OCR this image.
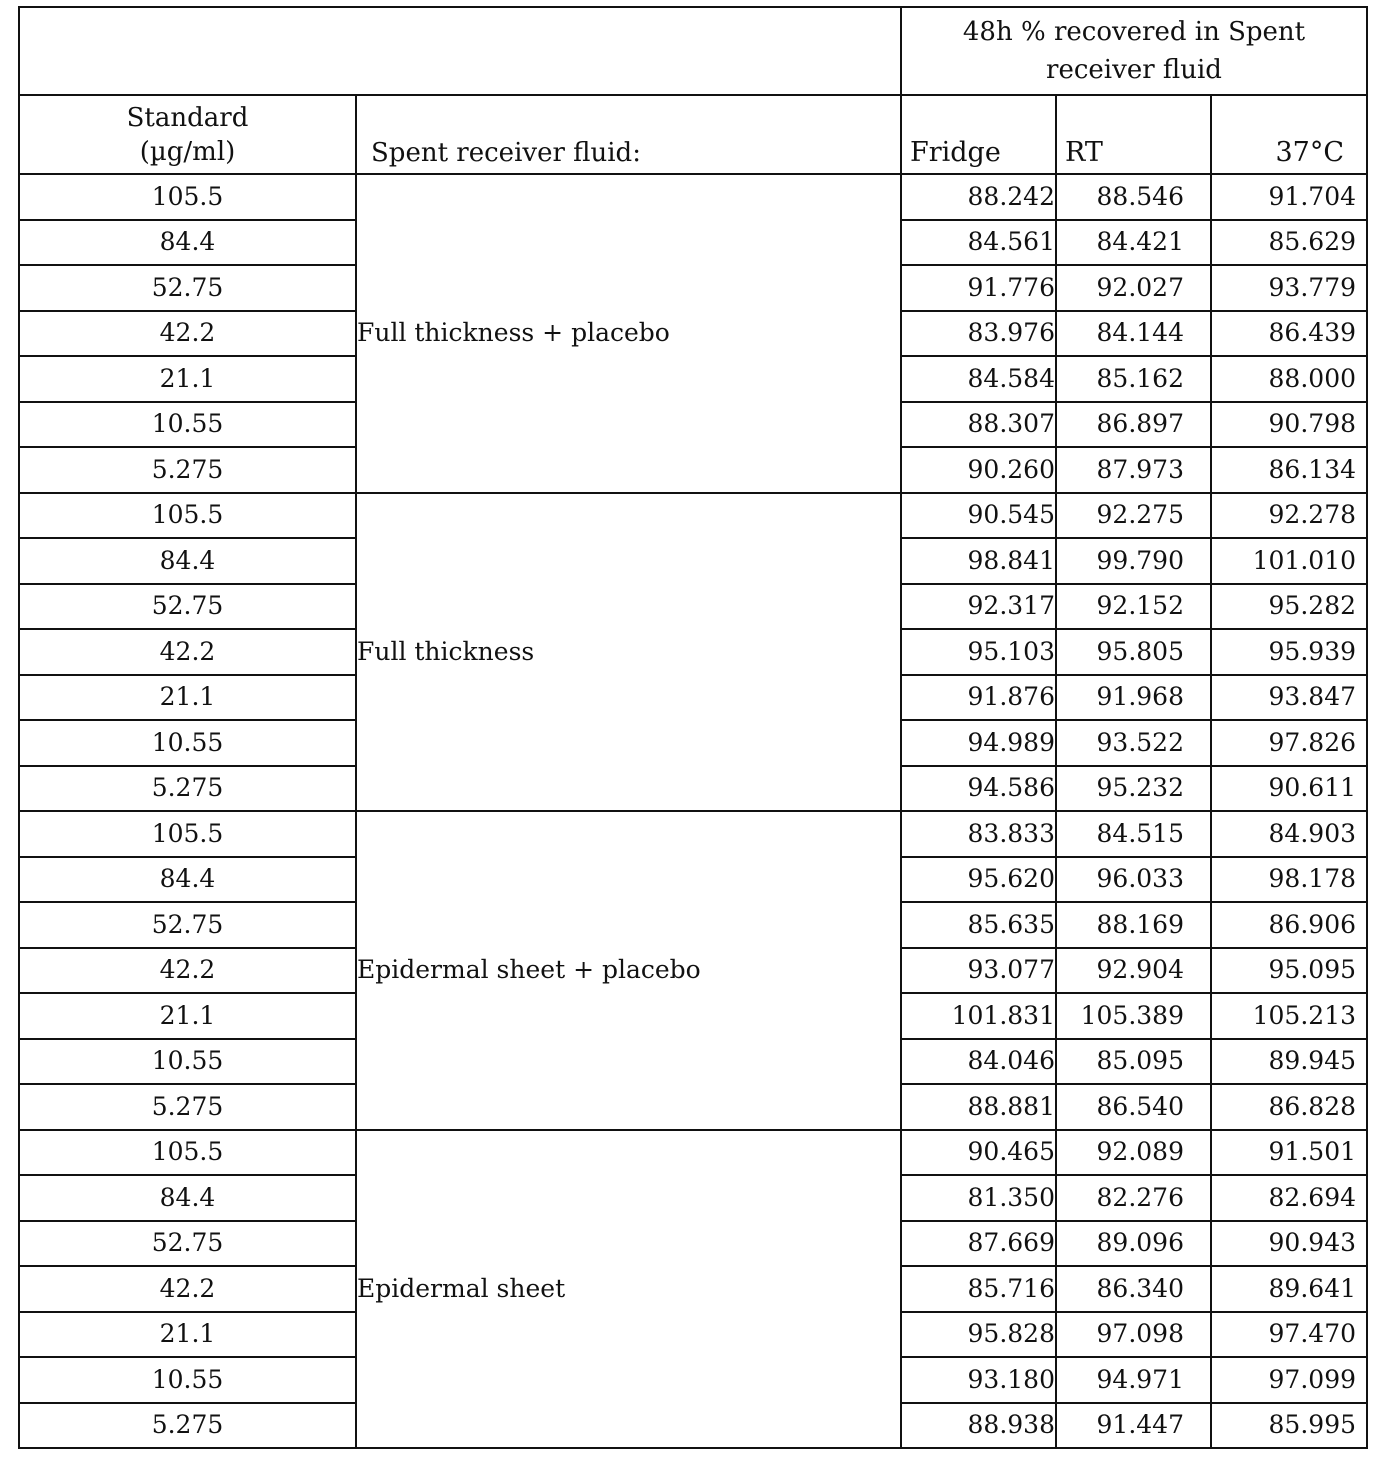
		48h % recovered in Spent
receiver fluid		
Standard
(µg/ml)	Spent receiver fluid:	Fridge	RT	37°C
105.5	Full thickness + placebo	88.242	88.546	91.704
84.4		84.561	84.421	85.629
52.75		91.776	92.027	93.779
42.2		83.976	84.144	86.439
21.1		84.584	85.162	88.000
10.55		88.307	86.897	90.798
5.275		90.260	87.973	86.134
105.5	Full thickness	90.545	92.275	92.278
84.4		98.841	99.790	101.010
52.75		92.317	92.152	95.282
42.2		95.103	95.805	95.939
21.1		91.876	91.968	93.847
10.55		94.989	93.522	97.826
5.275		94.586	95.232	90.611
105.5	Epidermal sheet + placebo	83.833	84.515	84.903
84.4		95.620	96.033	98.178
52.75		85.635	88.169	86.906
42.2		93.077	92.904	95.095
21.1		101.831	105.389	105.213
10.55		84.046	85.095	89.945
5.275		88.881	86.540	86.828
105.5	Epidermal sheet	90.465	92.089	91.501
84.4		81.350	82.276	82.694
52.75		87.669	89.096	90.943
42.2		85.716	86.340	89.641
21.1		95.828	97.098	97.470
10.55		93.180	94.971	97.099
5.275		88.938	91.447	85.995
